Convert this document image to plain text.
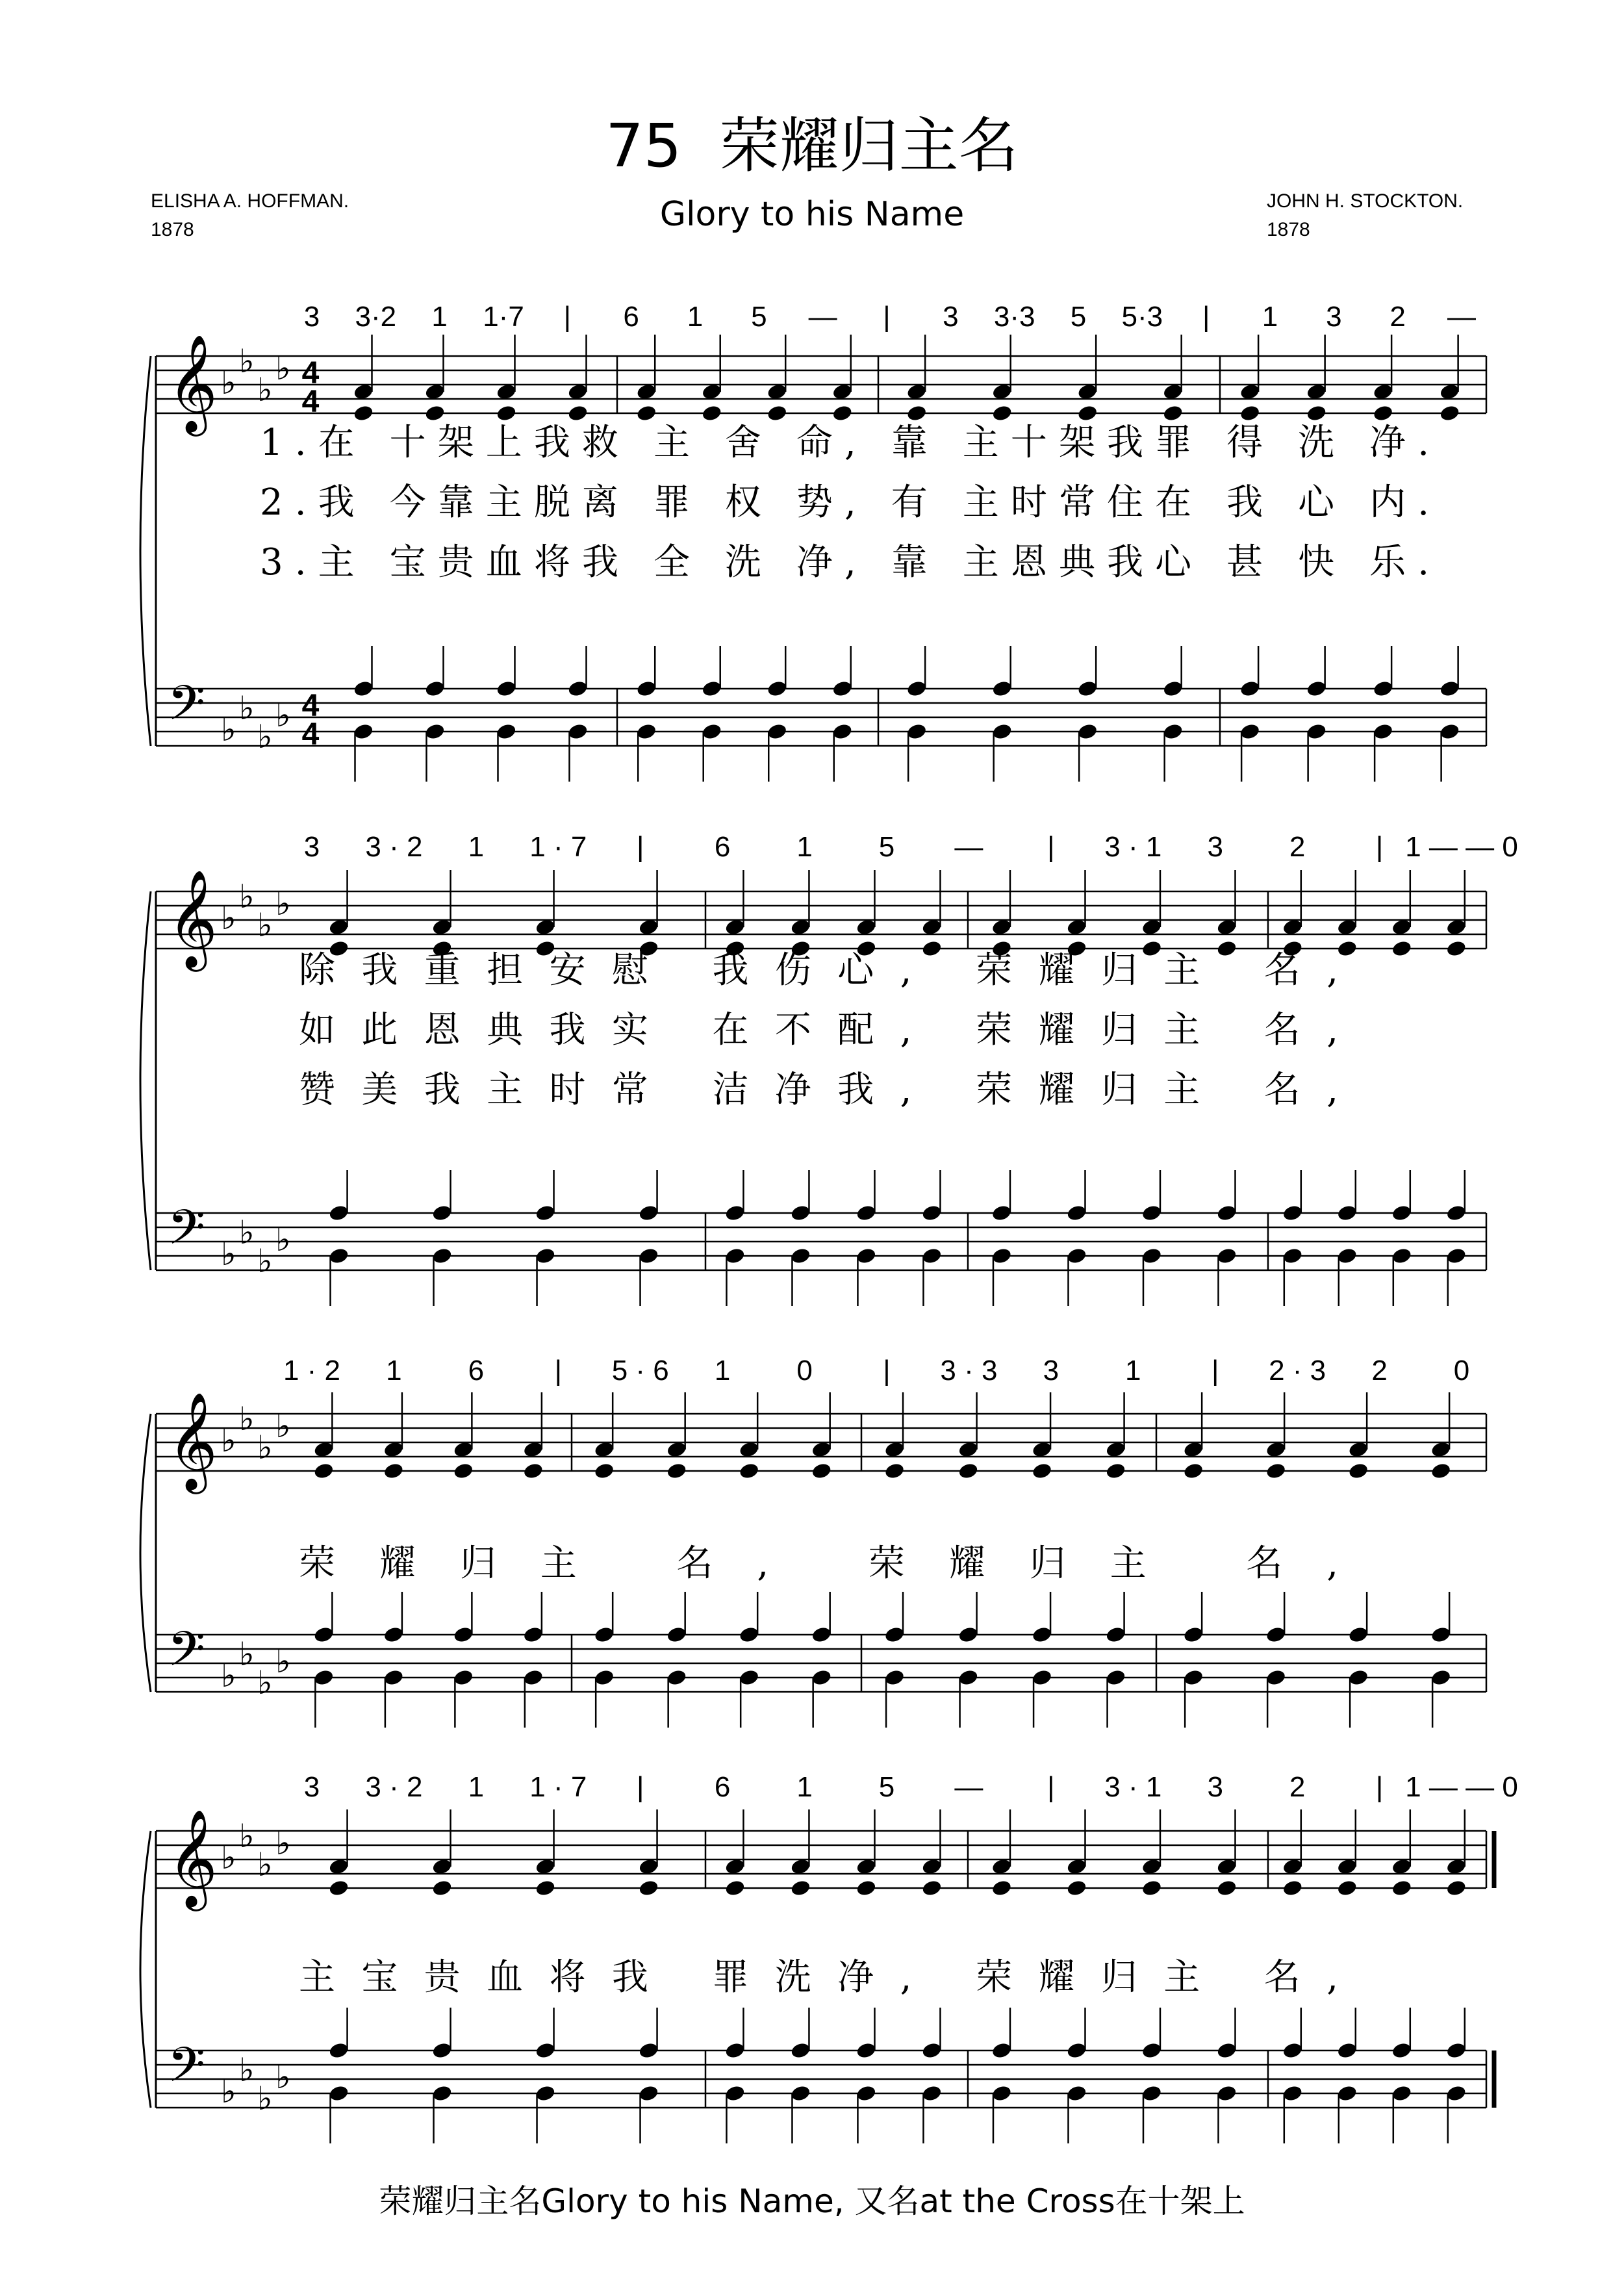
75 荣耀归主名
Glory to his Name
ELISHA A. HOFFMAN.
1878
JOHN H. STOCKTON.
1878
3 3·2 1 1·7 | 6 1 5 — | 3 3·3 5 5·3 | 1 3 2 —
𝄞 ♭
♭
♭
♭ 4
4
𝄢 ♭
♭
♭
♭ 4
4
1.在 十架上我救 主 舍 命, 靠 主十架我罪 得 洗 净.
2.我 今靠主脱离 罪 权 势, 有 主时常住在 我 心 内.
3.主 宝贵血将我 全 洗 净, 靠 主恩典我心 甚 快 乐.
3 3 · 2 1 1 · 7 | 6 1 5 — | 3 · 1 3 2 | 1 — — 0
𝄞 ♭
♭
♭
♭
𝄢 ♭
♭
♭
♭
除我重担安慰 我伤心, 荣耀归主 名,
如此恩典我实 在不配, 荣耀归主 名,
赞美我主时常 洁净我, 荣耀归主 名,
1 · 2 1 6 | 5 · 6 1 0 | 3 · 3 3 1 | 2 · 3 2 0
𝄞 ♭
♭
♭
♭
𝄢 ♭
♭
♭
♭
荣耀归主 名, 荣耀归主 名,
3 3 · 2 1 1 · 7 | 6 1 5 — | 3 · 1 3 2 | 1 — — 0
𝄞 ♭
♭
♭
♭
𝄢 ♭
♭
♭
♭
主宝贵血将我 罪洗净, 荣耀归主 名,
荣耀归主名Glory to his Name, 又名at the Cross在十架上
